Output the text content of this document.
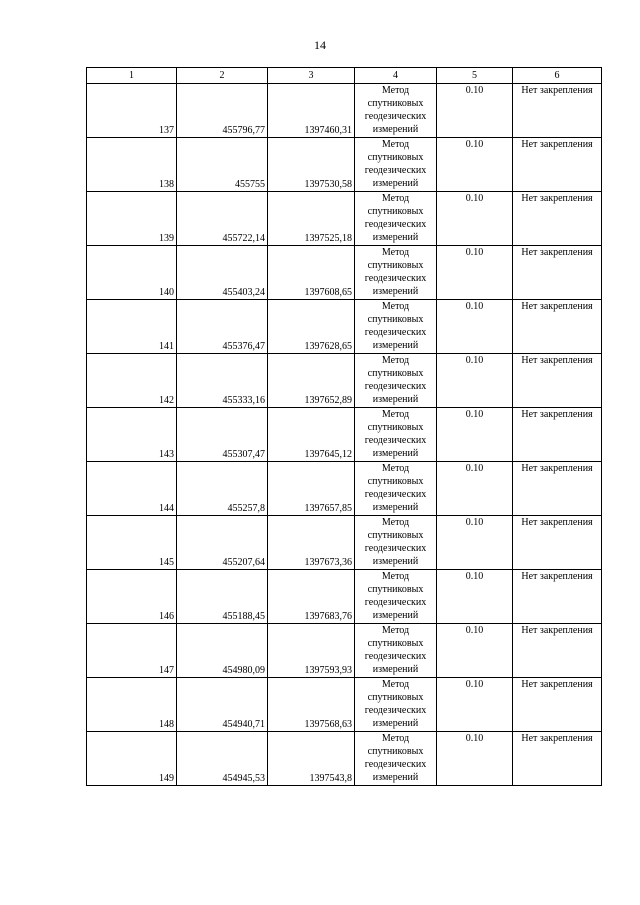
14
1	2	3	4	5	6
137	455796,77	1397460,31	Метод спутниковых геодезических измерений	0.10	Нет закрепления
138	455755	1397530,58	Метод спутниковых геодезических измерений	0.10	Нет закрепления
139	455722,14	1397525,18	Метод спутниковых геодезических измерений	0.10	Нет закрепления
140	455403,24	1397608,65	Метод спутниковых геодезических измерений	0.10	Нет закрепления
141	455376,47	1397628,65	Метод спутниковых геодезических измерений	0.10	Нет закрепления
142	455333,16	1397652,89	Метод спутниковых геодезических измерений	0.10	Нет закрепления
143	455307,47	1397645,12	Метод спутниковых геодезических измерений	0.10	Нет закрепления
144	455257,8	1397657,85	Метод спутниковых геодезических измерений	0.10	Нет закрепления
145	455207,64	1397673,36	Метод спутниковых геодезических измерений	0.10	Нет закрепления
146	455188,45	1397683,76	Метод спутниковых геодезических измерений	0.10	Нет закрепления
147	454980,09	1397593,93	Метод спутниковых геодезических измерений	0.10	Нет закрепления
148	454940,71	1397568,63	Метод спутниковых геодезических измерений	0.10	Нет закрепления
149	454945,53	1397543,8	Метод спутниковых геодезических измерений	0.10	Нет закрепления
